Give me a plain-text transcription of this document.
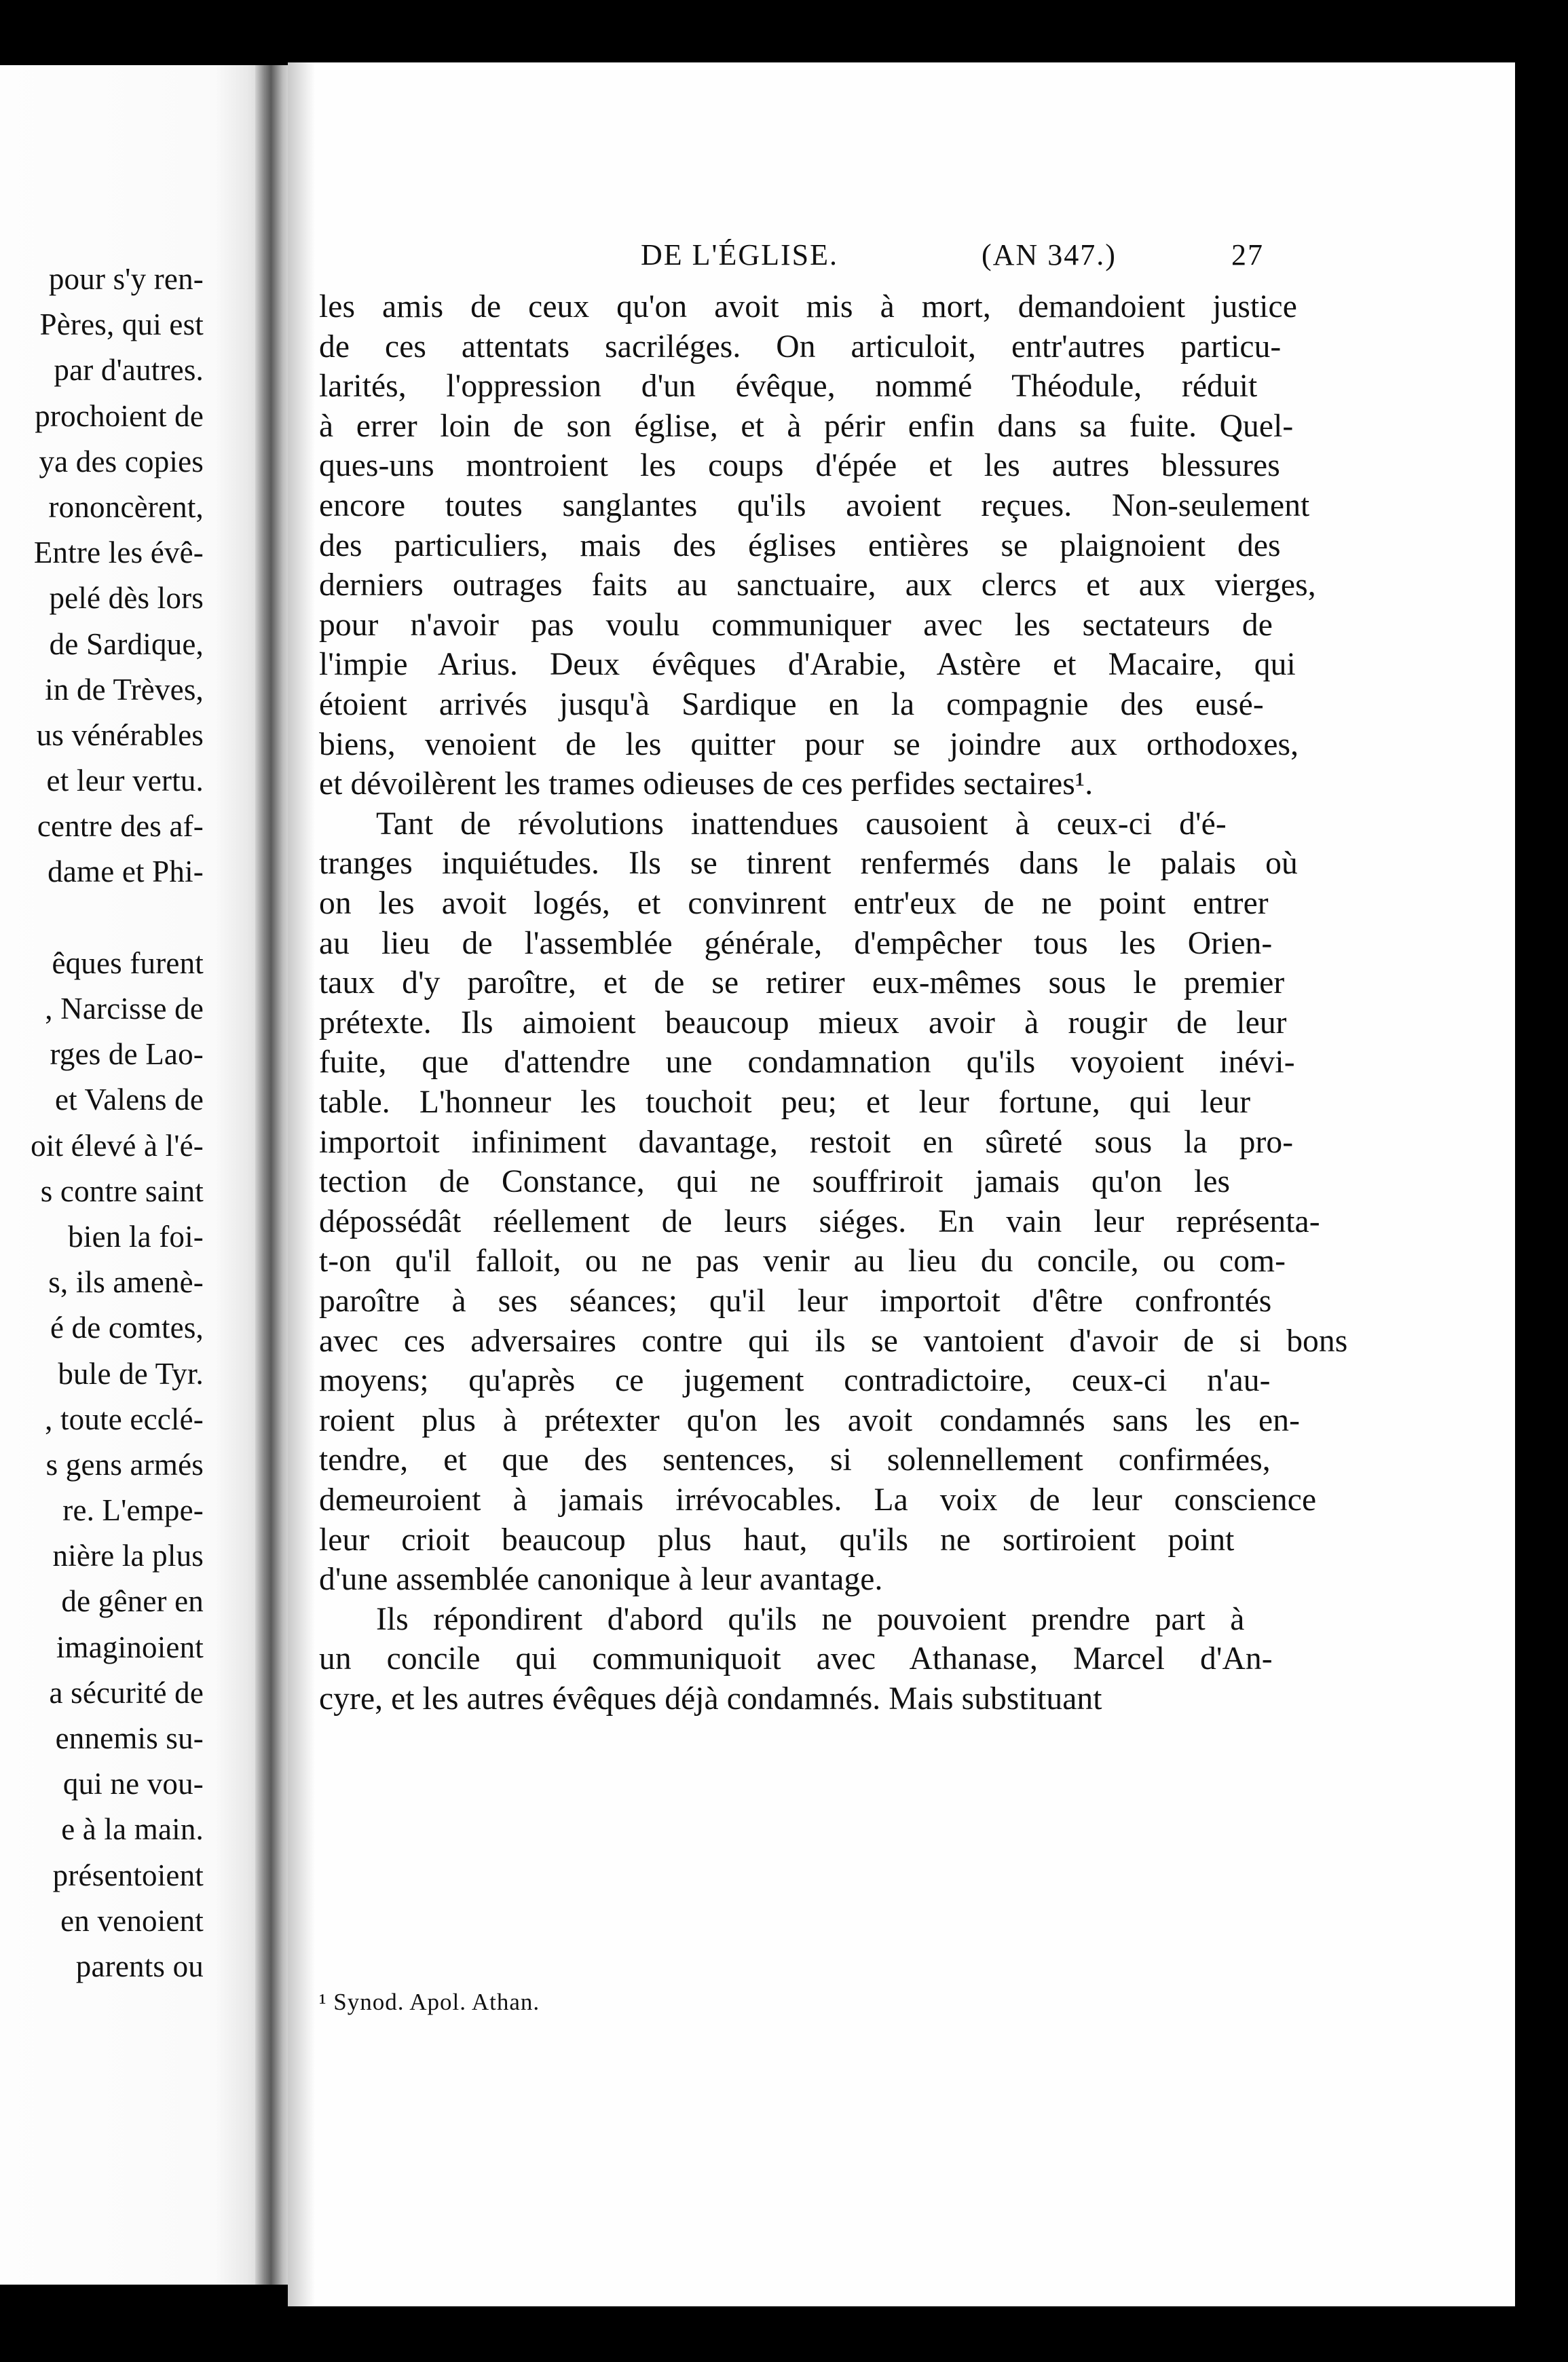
pour s'y ren-
Pères, qui est
par d'autres.
prochoient de
ya des copies
rononcèrent,
Entre les évê-
pelé dès lors
de Sardique,
in de Trèves,
us vénérables
et leur vertu.
centre des af-
dame et Phi-
êques furent
, Narcisse de
rges de Lao-
et Valens de
oit élevé à l'é-
s contre saint
bien la foi-
s, ils amenè-
é de comtes,
bule de Tyr.
, toute ecclé-
s gens armés
re. L'empe-
nière la plus
de gêner en
imaginoient
a sécurité de
ennemis su-
qui ne vou-
e à la main.
présentoient
en venoient
parents ou
DE L'ÉGLISE.	(AN 347.)	27
les amis de ceux qu'on avoit mis à mort, demandoient justice
de ces attentats sacriléges. On articuloit, entr'autres particu-
larités, l'oppression d'un évêque, nommé Théodule, réduit
à errer loin de son église, et à périr enfin dans sa fuite. Quel-
ques-uns montroient les coups d'épée et les autres blessures
encore toutes sanglantes qu'ils avoient reçues. Non-seulement
des particuliers, mais des églises entières se plaignoient des
derniers outrages faits au sanctuaire, aux clercs et aux vierges,
pour n'avoir pas voulu communiquer avec les sectateurs de
l'impie Arius. Deux évêques d'Arabie, Astère et Macaire, qui
étoient arrivés jusqu'à Sardique en la compagnie des eusé-
biens, venoient de les quitter pour se joindre aux orthodoxes,
et dévoilèrent les trames odieuses de ces perfides sectaires¹.
Tant de révolutions inattendues causoient à ceux-ci d'é-
tranges inquiétudes. Ils se tinrent renfermés dans le palais où
on les avoit logés, et convinrent entr'eux de ne point entrer
au lieu de l'assemblée générale, d'empêcher tous les Orien-
taux d'y paroître, et de se retirer eux-mêmes sous le premier
prétexte. Ils aimoient beaucoup mieux avoir à rougir de leur
fuite, que d'attendre une condamnation qu'ils voyoient inévi-
table. L'honneur les touchoit peu; et leur fortune, qui leur
importoit infiniment davantage, restoit en sûreté sous la pro-
tection de Constance, qui ne souffriroit jamais qu'on les
dépossédât réellement de leurs siéges. En vain leur représenta-
t-on qu'il falloit, ou ne pas venir au lieu du concile, ou com-
paroître à ses séances; qu'il leur importoit d'être confrontés
avec ces adversaires contre qui ils se vantoient d'avoir de si bons
moyens; qu'après ce jugement contradictoire, ceux-ci n'au-
roient plus à prétexter qu'on les avoit condamnés sans les en-
tendre, et que des sentences, si solennellement confirmées,
demeuroient à jamais irrévocables. La voix de leur conscience
leur crioit beaucoup plus haut, qu'ils ne sortiroient point
d'une assemblée canonique à leur avantage.
Ils répondirent d'abord qu'ils ne pouvoient prendre part à
un concile qui communiquoit avec Athanase, Marcel d'An-
cyre, et les autres évêques déjà condamnés. Mais substituant
¹ Synod. Apol. Athan.
